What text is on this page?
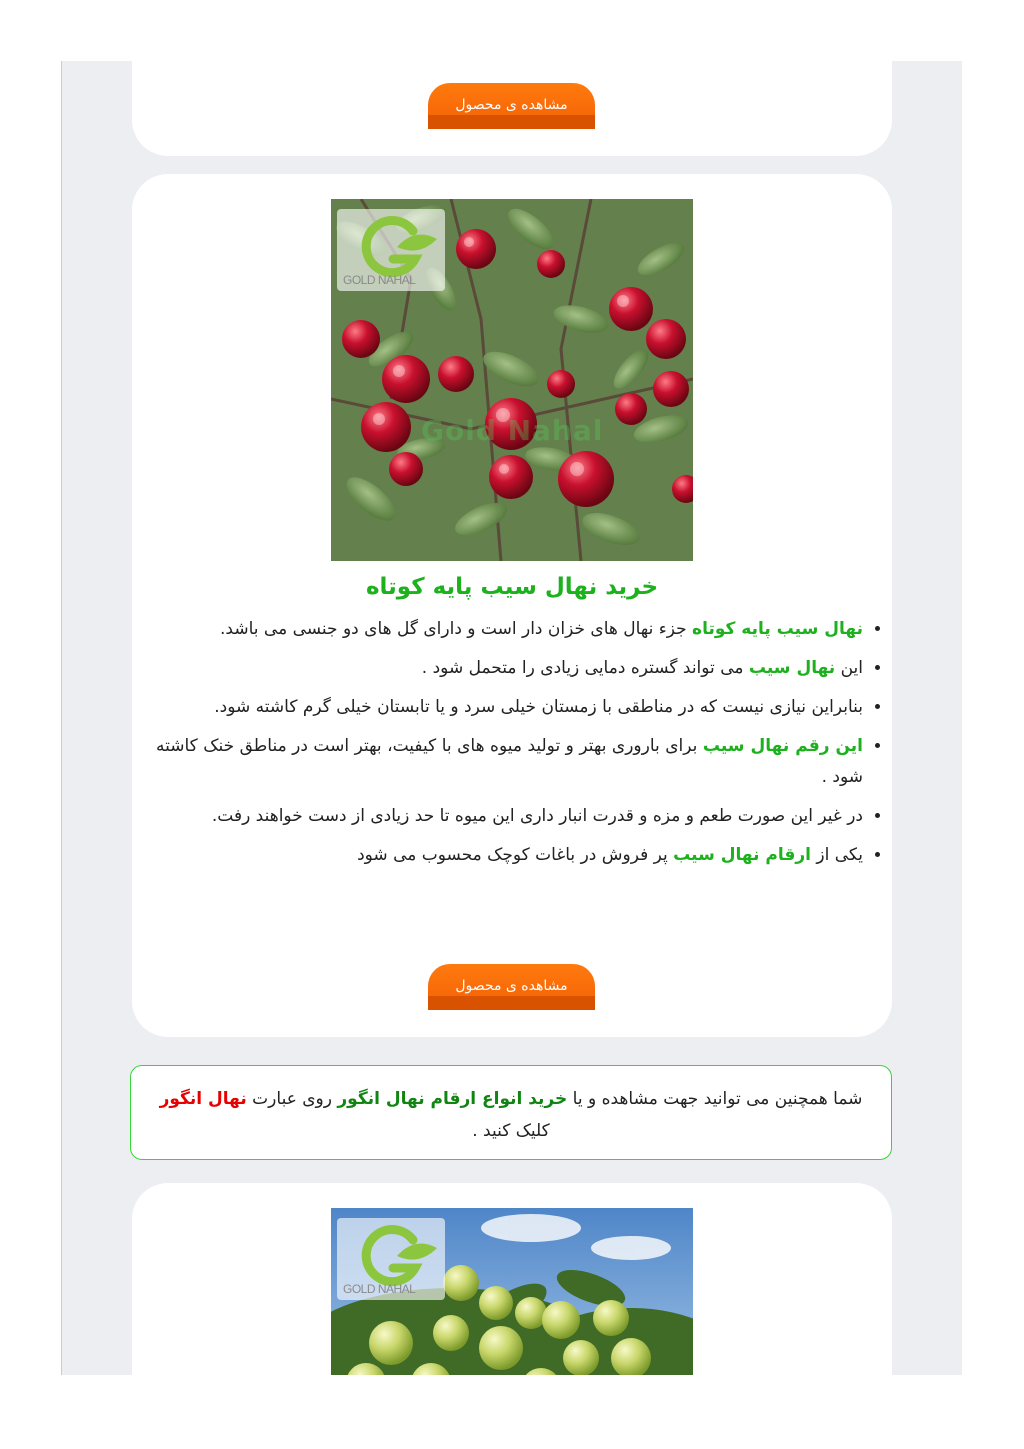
مشاهده ی محصول
GOLD NAHAL
Gold Nahal
خرید نهال سیب پایه کوتاه
• نهال سیب پایه کوتاه جزء نهال های خزان دار است و دارای گل های دو جنسی می باشد.
• این نهال سیب می تواند گستره دمایی زیادی را متحمل شود .
• بنابراین نیازی نیست که در مناطقی با زمستان خیلی سرد و یا تابستان خیلی گرم کاشته شود.
• این رقم نهال سیب برای باروری بهتر و تولید میوه های با کیفیت، بهتر است در مناطق خنک کاشته شود .
• در غیر این صورت طعم و مزه و قدرت انبار داری این میوه تا حد زیادی از دست خواهند رفت.
• یکی از ارقام نهال سیب پر فروش در باغات کوچک محسوب می شود
مشاهده ی محصول
شما همچنین می توانید جهت مشاهده و یا خرید انواع ارقام نهال انگور روی عبارت نهال انگور کلیک کنید .
GOLD NAHAL
